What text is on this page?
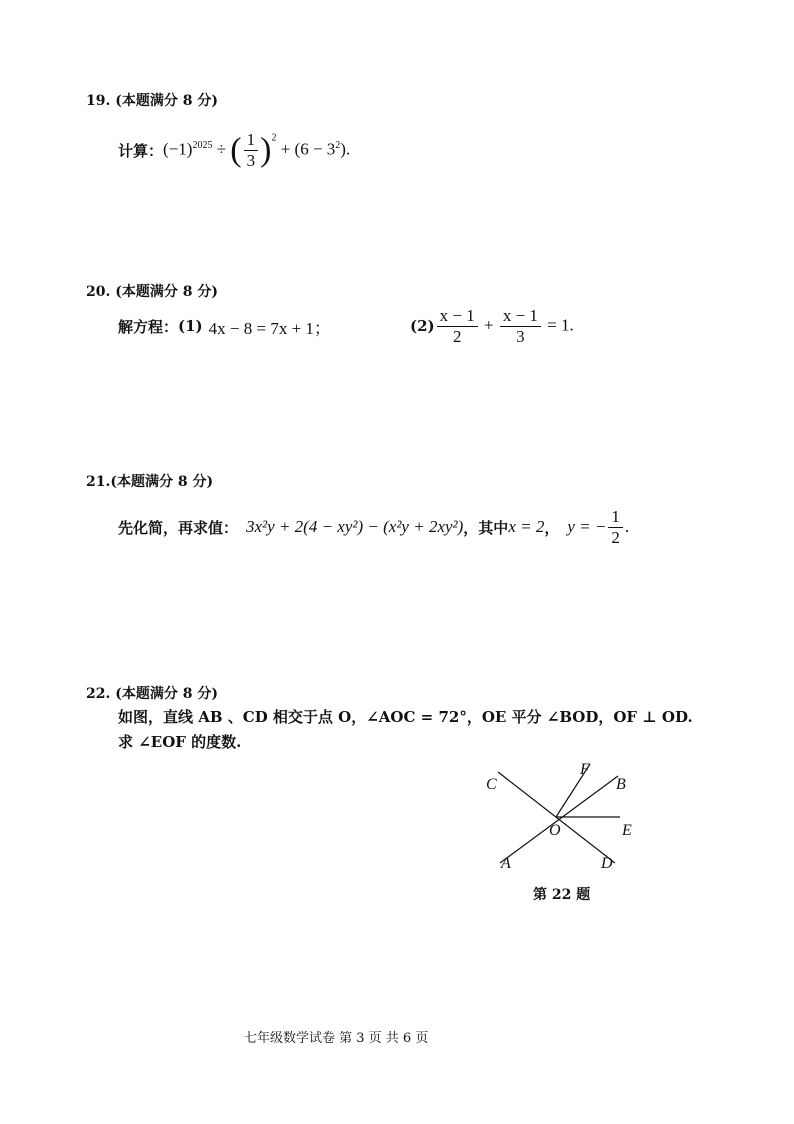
19. (本题满分 8 分)
计算： $(-1)^{2025}$ ÷ ( $\frac{1}{3} )^2 + (6 - 3^2)$.
20. (本题满分 8 分)
解方程： (1) 4x − 8 = 7x + 1；	$(2) \frac{x - 1}{2} + \frac{x - 1}{3} = 1$.
21.(本题满分 8 分)
先化简，再求值： 3x²y + 2(4 − xy²) − (x²y + 2xy²) ，其中 x = 2 ， y = − $\frac{1}{2}$ .
22. (本题满分 8 分)
如图，直线 AB 、CD 相交于点 O，∠AOC = 72°，OE 平分 ∠BOD，OF ⊥ OD.
求 ∠EOF 的度数.
C
F
B
O	E
A	D
第 22 题
七年级数学试卷 第 3 页 共 6 页
